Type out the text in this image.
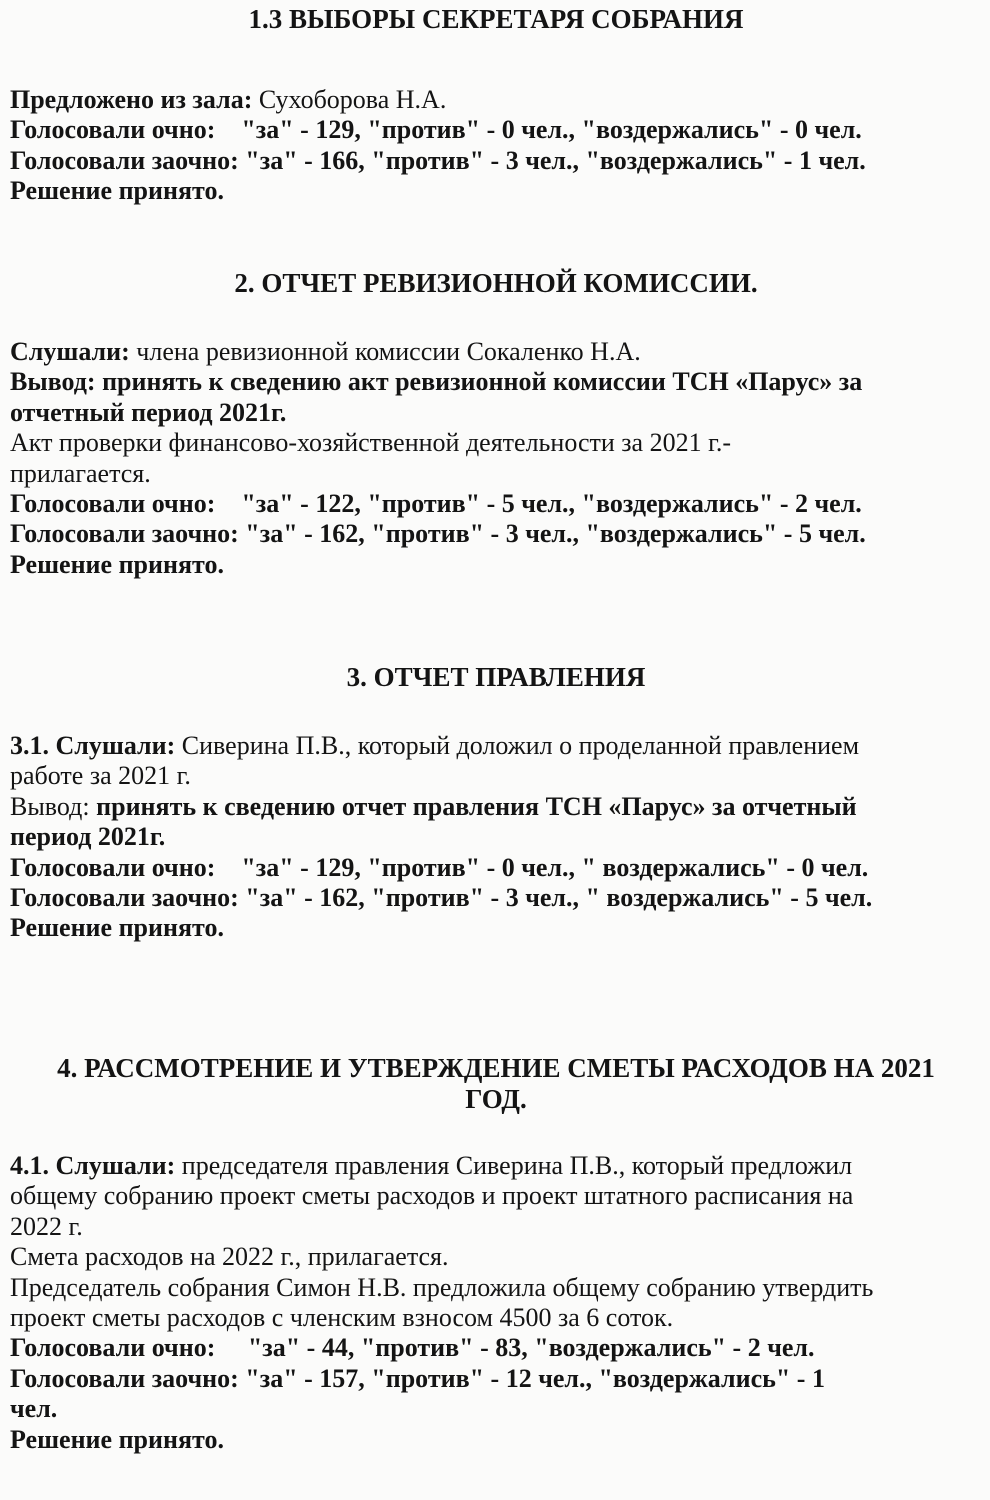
1.3 ВЫБОРЫ СЕКРЕТАРЯ СОБРАНИЯ
Предложено из зала: Сухоборова Н.А.
Голосовали очно:    "за" - 129, "против" - 0 чел., "воздержались" - 0 чел.
Голосовали заочно: "за" - 166, "против" - 3 чел., "воздержались" - 1 чел.
Решение принято.
2. ОТЧЕТ РЕВИЗИОННОЙ КОМИССИИ.
Слушали: члена ревизионной комиссии Сокаленко Н.А.
Вывод: принять к сведению акт ревизионной комиссии ТСН «Парус» за
отчетный период 2021г.
Акт проверки финансово-хозяйственной деятельности за 2021 г.-
прилагается.
Голосовали очно:    "за" - 122, "против" - 5 чел., "воздержались" - 2 чел.
Голосовали заочно: "за" - 162, "против" - 3 чел., "воздержались" - 5 чел.
Решение принято.
3. ОТЧЕТ ПРАВЛЕНИЯ
3.1. Слушали: Сиверина П.В., который доложил о проделанной правлением
работе за 2021 г.
Вывод: принять к сведению отчет правления ТСН «Парус» за отчетный
период 2021г.
Голосовали очно:    "за" - 129, "против" - 0 чел., " воздержались" - 0 чел.
Голосовали заочно: "за" - 162, "против" - 3 чел., " воздержались" - 5 чел.
Решение принято.
4. РАССМОТРЕНИЕ И УТВЕРЖДЕНИЕ СМЕТЫ РАСХОДОВ НА 2021
ГОД.
4.1. Слушали: председателя правления Сиверина П.В., который предложил
общему собранию проект сметы расходов и проект штатного расписания на
2022 г.
Смета расходов на 2022 г., прилагается.
Председатель собрания Симон Н.В. предложила общему собранию утвердить
проект сметы расходов с членским взносом 4500 за 6 соток.
Голосовали очно:     "за" - 44, "против" - 83, "воздержались" - 2 чел.
Голосовали заочно: "за" - 157, "против" - 12 чел., "воздержались" - 1
чел.
Решение принято.
